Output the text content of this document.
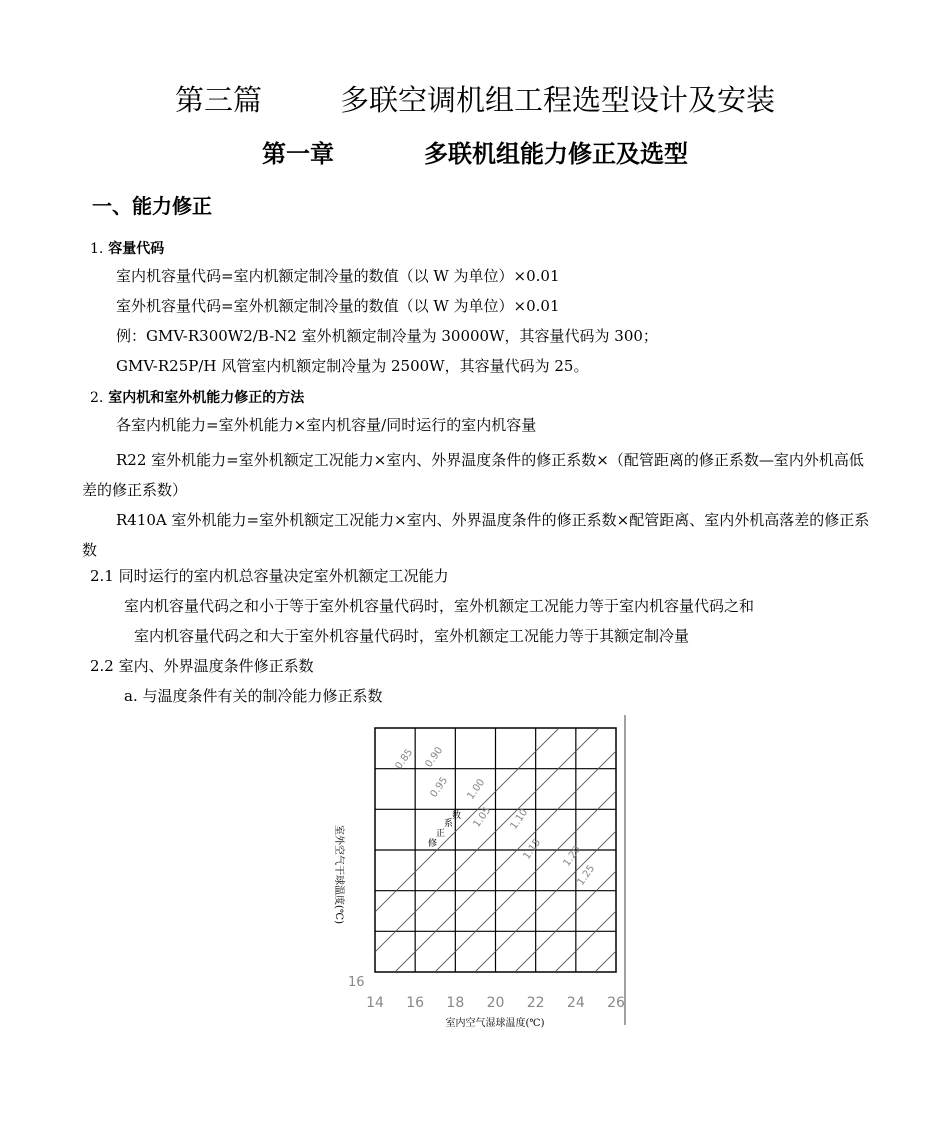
第三篇	多联空调机组工程选型设计及安装
第一章	多联机组能力修正及选型
一、能力修正
1. 容量代码
室内机容量代码=室内机额定制冷量的数值（以 W 为单位）×0.01
室外机容量代码=室外机额定制冷量的数值（以 W 为单位）×0.01
例：GMV-R300W2/B-N2 室外机额定制冷量为 30000W，其容量代码为 300；
GMV-R25P/H 风管室内机额定制冷量为 2500W，其容量代码为 25。
2. 室内机和室外机能力修正的方法
各室内机能力=室外机能力×室内机容量/同时运行的室内机容量
R22 室外机能力=室外机额定工况能力×室内、外界温度条件的修正系数×（配管距离的修正系数—室内外机高低差的修正系数）
R410A 室外机能力=室外机额定工况能力×室内、外界温度条件的修正系数×配管距离、室内外机高落差的修正系数
2.1 同时运行的室内机总容量决定室外机额定工况能力
室内机容量代码之和小于等于室外机容量代码时，室外机额定工况能力等于室内机容量代码之和
室内机容量代码之和大于室外机容量代码时，室外机额定工况能力等于其额定制冷量
2.2 室内、外界温度条件修正系数
a. 与温度条件有关的制冷能力修正系数
0.85 0.90
0.95 1.00
1.05 1.10
1.15 1.20
1.25
14 16 18 20 22 24 26
16
室内空气湿球温度(℃)
室外空气干球温度(℃)	修
正
系
数
